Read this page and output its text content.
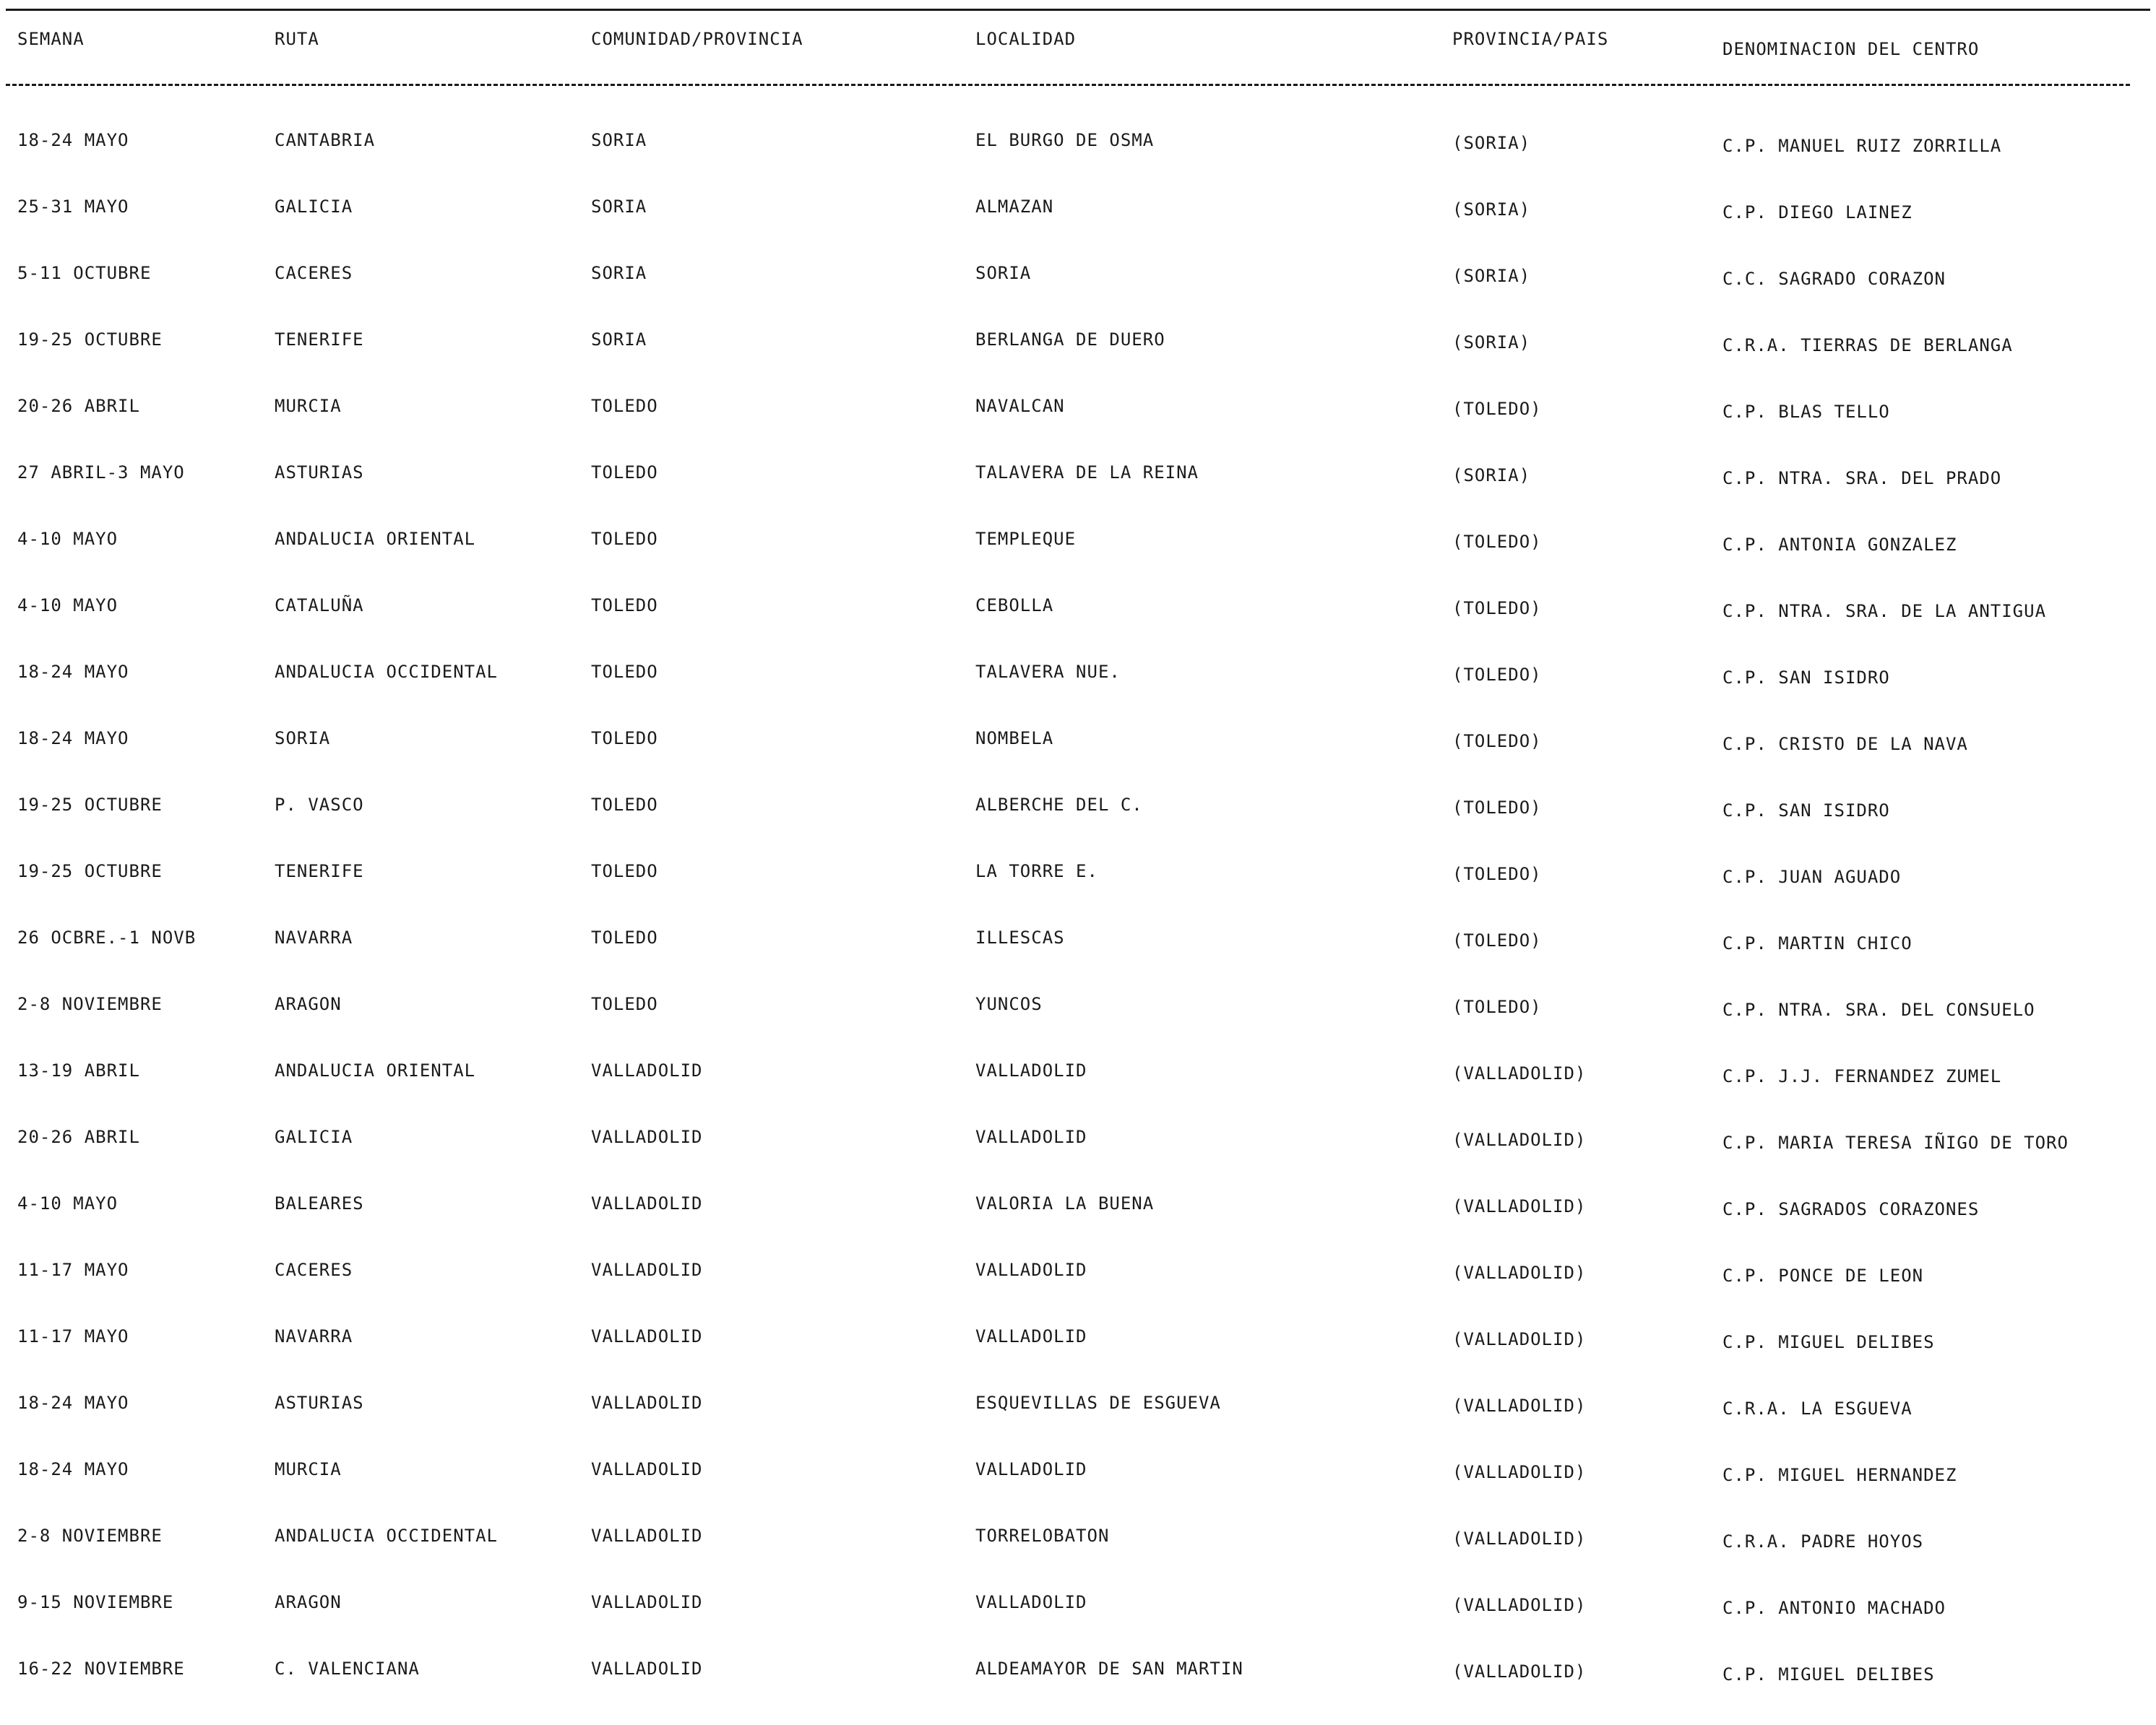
SEMANA	RUTA	COMUNIDAD/PROVINCIA	LOCALIDAD	PROVINCIA/PAIS	DENOMINACION DEL CENTRO
18-24 MAYO	CANTABRIA	SORIA	EL BURGO DE OSMA	(SORIA)	C.P. MANUEL RUIZ ZORRILLA
25-31 MAYO	GALICIA	SORIA	ALMAZAN	(SORIA)	C.P. DIEGO LAINEZ
5-11 OCTUBRE	CACERES	SORIA	SORIA	(SORIA)	C.C. SAGRADO CORAZON
19-25 OCTUBRE	TENERIFE	SORIA	BERLANGA DE DUERO	(SORIA)	C.R.A. TIERRAS DE BERLANGA
20-26 ABRIL	MURCIA	TOLEDO	NAVALCAN	(TOLEDO)	C.P. BLAS TELLO
27 ABRIL-3 MAYO	ASTURIAS	TOLEDO	TALAVERA DE LA REINA	(SORIA)	C.P. NTRA. SRA. DEL PRADO
4-10 MAYO	ANDALUCIA ORIENTAL	TOLEDO	TEMPLEQUE	(TOLEDO)	C.P. ANTONIA GONZALEZ
4-10 MAYO	CATALUÑA	TOLEDO	CEBOLLA	(TOLEDO)	C.P. NTRA. SRA. DE LA ANTIGUA
18-24 MAYO	ANDALUCIA OCCIDENTAL	TOLEDO	TALAVERA NUE.	(TOLEDO)	C.P. SAN ISIDRO
18-24 MAYO	SORIA	TOLEDO	NOMBELA	(TOLEDO)	C.P. CRISTO DE LA NAVA
19-25 OCTUBRE	P. VASCO	TOLEDO	ALBERCHE DEL C.	(TOLEDO)	C.P. SAN ISIDRO
19-25 OCTUBRE	TENERIFE	TOLEDO	LA TORRE E.	(TOLEDO)	C.P. JUAN AGUADO
26 OCBRE.-1 NOVB	NAVARRA	TOLEDO	ILLESCAS	(TOLEDO)	C.P. MARTIN CHICO
2-8 NOVIEMBRE	ARAGON	TOLEDO	YUNCOS	(TOLEDO)	C.P. NTRA. SRA. DEL CONSUELO
13-19 ABRIL	ANDALUCIA ORIENTAL	VALLADOLID	VALLADOLID	(VALLADOLID)	C.P. J.J. FERNANDEZ ZUMEL
20-26 ABRIL	GALICIA	VALLADOLID	VALLADOLID	(VALLADOLID)	C.P. MARIA TERESA IÑIGO DE TORO
4-10 MAYO	BALEARES	VALLADOLID	VALORIA LA BUENA	(VALLADOLID)	C.P. SAGRADOS CORAZONES
11-17 MAYO	CACERES	VALLADOLID	VALLADOLID	(VALLADOLID)	C.P. PONCE DE LEON
11-17 MAYO	NAVARRA	VALLADOLID	VALLADOLID	(VALLADOLID)	C.P. MIGUEL DELIBES
18-24 MAYO	ASTURIAS	VALLADOLID	ESQUEVILLAS DE ESGUEVA	(VALLADOLID)	C.R.A. LA ESGUEVA
18-24 MAYO	MURCIA	VALLADOLID	VALLADOLID	(VALLADOLID)	C.P. MIGUEL HERNANDEZ
2-8 NOVIEMBRE	ANDALUCIA OCCIDENTAL	VALLADOLID	TORRELOBATON	(VALLADOLID)	C.R.A. PADRE HOYOS
9-15 NOVIEMBRE	ARAGON	VALLADOLID	VALLADOLID	(VALLADOLID)	C.P. ANTONIO MACHADO
16-22 NOVIEMBRE	C. VALENCIANA	VALLADOLID	ALDEAMAYOR DE SAN MARTIN	(VALLADOLID)	C.P. MIGUEL DELIBES
